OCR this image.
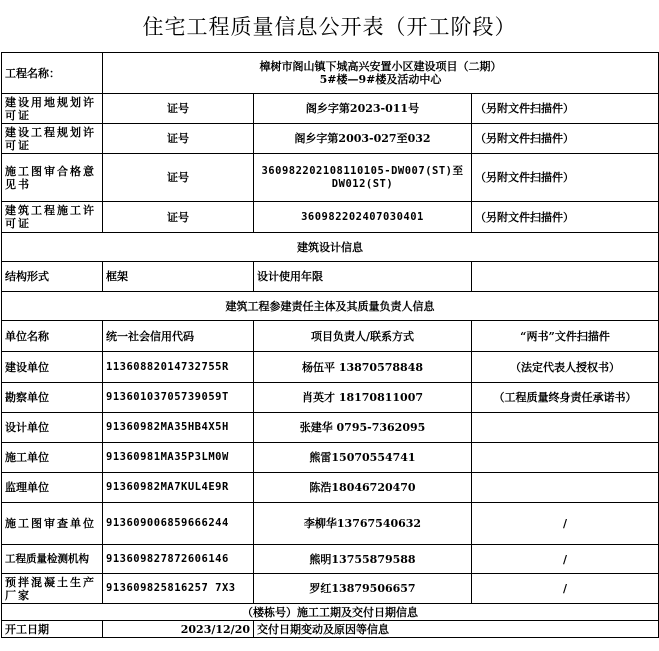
住宅工程质量信息公开表（开工阶段）
工程名称：	樟树市阁山镇下城高兴安置小区建设项目（二期）
5#楼—9#楼及活动中心		

建设用地规划许可证	证号	阁乡字第2023-011号	（另附文件扫描件）
建设工程规划许可证	证号	阁乡字第2003-027至032	（另附文件扫描件）
施工图审合格意见书	证号	360982202108110105-DW007(ST)至DW012(ST)	（另附文件扫描件）
建筑工程施工许可证	证号	360982202407030401	（另附文件扫描件）
建筑设计信息			
结构形式	框架	设计使用年限	
建筑工程参建责任主体及其质量负责人信息			
单位名称	统一社会信用代码	项目负责人/联系方式	“两书”文件扫描件
建设单位	11360882014732755R	杨伍平 13870578848	（法定代表人授权书）
勘察单位	91360103705739059T	肖英才 18170811007	（工程质量终身责任承诺书）
设计单位	91360982MA35HB4X5H	张建华 0795-7362095	
施工单位	91360981MA35P3LM0W	熊雷15070554741	
监理单位	91360982MA7KUL4E9R	陈浩18046720470	
施工图审查单位	913609006859666244	李柳华13767540632	/
工程质量检测机构	913609827872606146	熊明13755879588	/
预拌混凝土生产厂家	913609825816257 7X3	罗红13879506657	/
（楼栋号）施工工期及交付日期信息			
开工日期	2023/12/20	交付日期变动及原因等信息	
